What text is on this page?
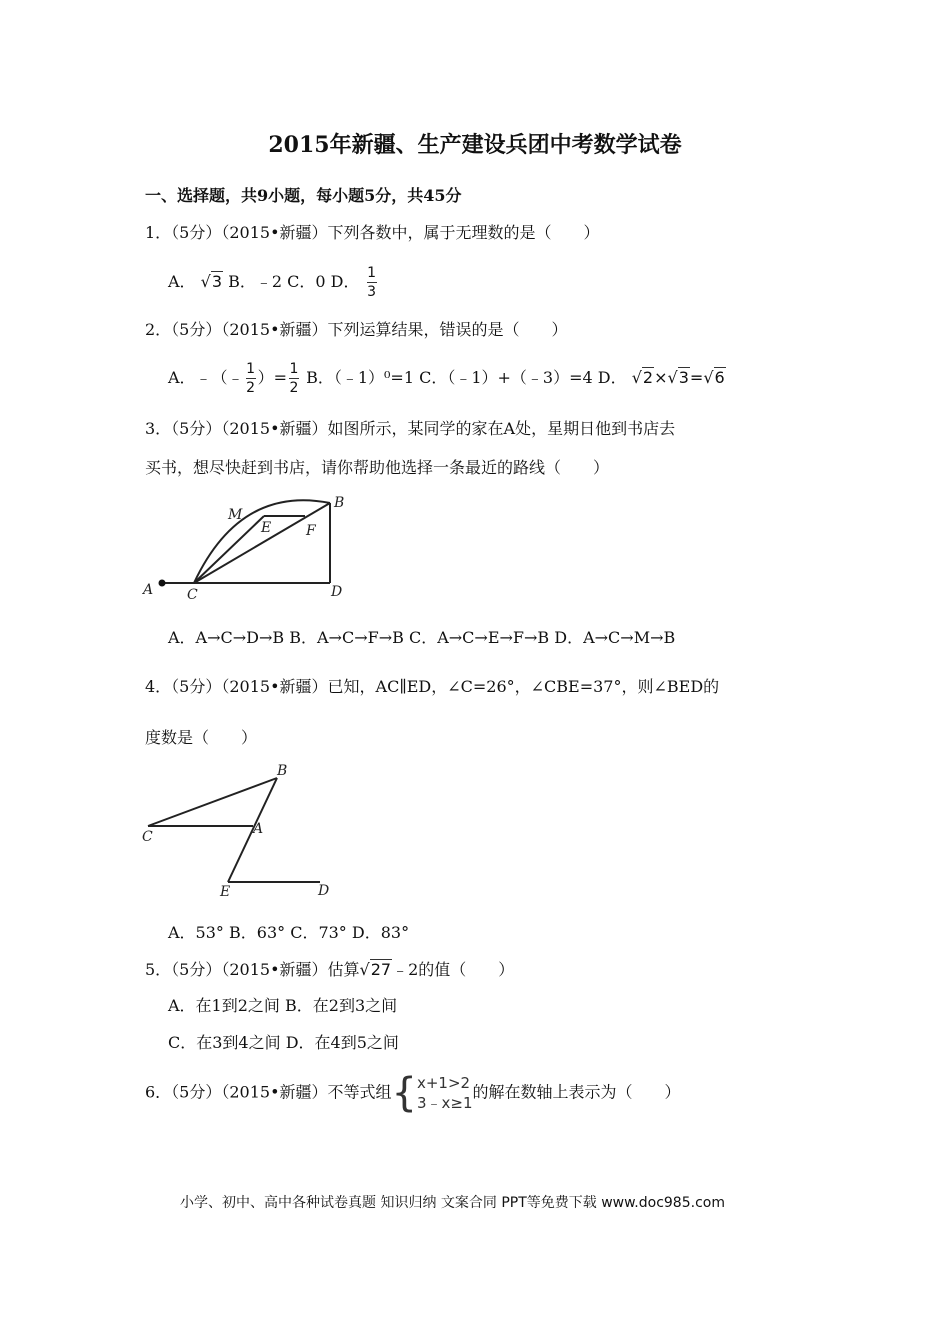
2015年新疆、生产建设兵团中考数学试卷
一、选择题，共9小题，每小题5分，共45分
1．（5分）（2015•新疆）下列各数中，属于无理数的是（　　）
A． √3 B．﹣2 C．0 D． $\frac{1}{3}$
2．（5分）（2015•新疆）下列运算结果，错误的是（　　）
A．﹣（﹣ $\frac{1}{2}$ ）= $\frac{1}{2}$ B．（﹣1）⁰=1 C．（﹣1）+（﹣3）=4 D． √2×√3=√6
3．（5分）（2015•新疆）如图所示，某同学的家在A处，星期日他到书店去
买书，想尽快赶到书店，请你帮助他选择一条最近的路线（　　）
A C	D
B
E F
M
A．A→C→D→B B．A→C→F→B C．A→C→E→F→B D．A→C→M→B
4．（5分）（2015•新疆）已知，AC∥ED，∠C=26°，∠CBE=37°，则∠BED的
度数是（　　）
C
B
A
E	D
A．53° B．63° C．73° D．83°
5．（5分）（2015•新疆）估算√27﹣2的值（　　）
A．在1到2之间 B．在2到3之间
C．在3到4之间 D．在4到5之间
6．（5分）（2015•新疆）不等式组{ x+1>2
3﹣x≥1
的解在数轴上表示为（　　）
小学、初中、高中各种试卷真题 知识归纳 文案合同 PPT等免费下载 www.doc985.com
